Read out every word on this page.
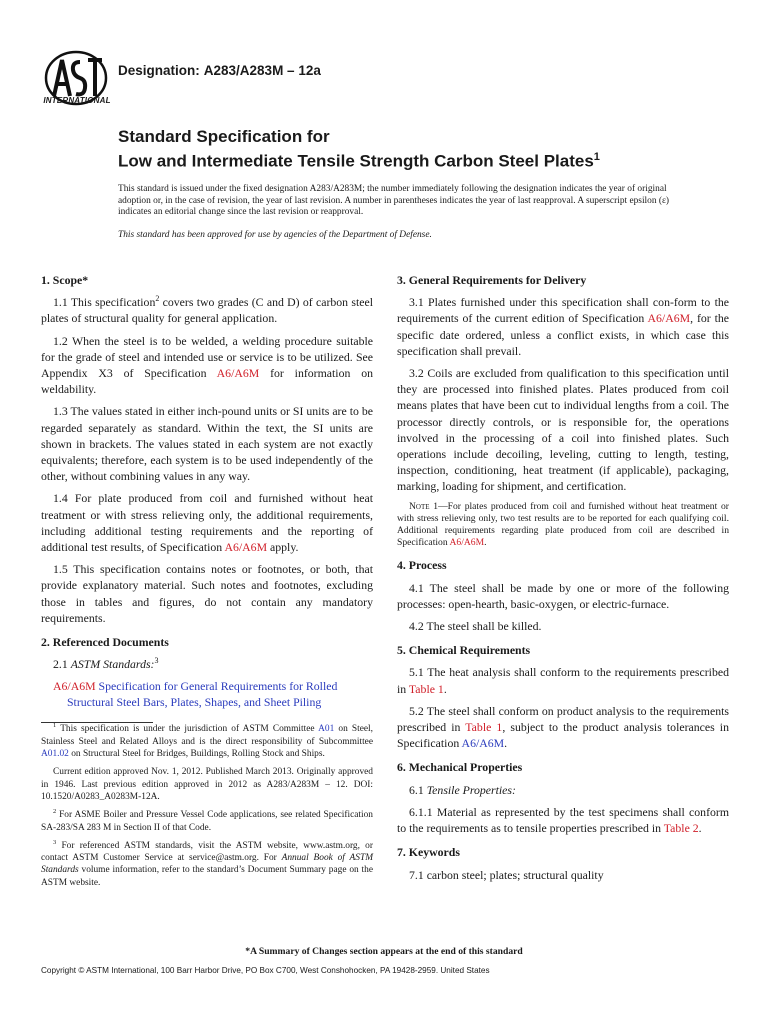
ASTM
INTERNATIONAL
Designation: A283/A283M – 12a
Standard Specification for
Low and Intermediate Tensile Strength Carbon Steel Plates$^1$
This standard is issued under the fixed designation A283/A283M; the number immediately following the designation indicates the year of original adoption or, in the case of revision, the year of last revision. A number in parentheses indicates the year of last reapproval. A superscript epsilon (ε) indicates an editorial change since the last revision or reapproval.
This standard has been approved for use by agencies of the Department of Defense.
1. Scope*

1.1 This specification$^2$ covers two grades (C and D) of carbon steel plates of structural quality for general application.

1.2 When the steel is to be welded, a welding procedure suitable for the grade of steel and intended use or service is to be utilized. See Appendix X3 of Specification A6/A6M for information on weldability.

1.3 The values stated in either inch-pound units or SI units are to be regarded separately as standard. Within the text, the SI units are shown in brackets. The values stated in each system are not exactly equivalents; therefore, each system is to be used independently of the other, without combining values in any way.

1.4 For plate produced from coil and furnished without heat treatment or with stress relieving only, the additional requirements, including additional testing requirements and the reporting of additional test results, of Specification A6/A6M apply.

1.5 This specification contains notes or footnotes, or both, that provide explanatory material. Such notes and footnotes, excluding those in tables and figures, do not contain any mandatory requirements.

2. Referenced Documents

2.1 ASTM Standards:$^3$

A6/A6M Specification for General Requirements for Rolled Structural Steel Bars, Plates, Shapes, and Sheet Piling

$^1$ This specification is under the jurisdiction of ASTM Committee A01 on Steel, Stainless Steel and Related Alloys and is the direct responsibility of Subcommittee A01.02 on Structural Steel for Bridges, Buildings, Rolling Stock and Ships.

Current edition approved Nov. 1, 2012. Published March 2013. Originally approved in 1946. Last previous edition approved in 2012 as A283/A283M – 12. DOI: 10.1520/A0283_A0283M-12A.

$^2$ For ASME Boiler and Pressure Vessel Code applications, see related Specification SA-283/SA 283 M in Section II of that Code.

$^3$ For referenced ASTM standards, visit the ASTM website, www.astm.org, or contact ASTM Customer Service at service@astm.org. For Annual Book of ASTM Standards volume information, refer to the standard’s Document Summary page on the ASTM website.

3. General Requirements for Delivery

3.1 Plates furnished under this specification shall con-form to the requirements of the current edition of Specification A6/A6M, for the specific date ordered, unless a conflict exists, in which case this specification shall prevail.

3.2 Coils are excluded from qualification to this specification until they are processed into finished plates. Plates produced from coil means plates that have been cut to individual lengths from a coil. The processor directly controls, or is responsible for, the operations involved in the processing of a coil into finished plates. Such operations include decoiling, leveling, cutting to length, testing, inspection, conditioning, heat treatment (if applicable), packaging, marking, loading for shipment, and certification.

Note 1—For plates produced from coil and furnished without heat treatment or with stress relieving only, two test results are to be reported for each qualifying coil. Additional requirements regarding plate produced from coil are described in Specification A6/A6M.
4. Process

4.1 The steel shall be made by one or more of the following processes: open-hearth, basic-oxygen, or electric-furnace.

4.2 The steel shall be killed.

5. Chemical Requirements

5.1 The heat analysis shall conform to the requirements prescribed in Table 1.

5.2 The steel shall conform on product analysis to the requirements prescribed in Table 1, subject to the product analysis tolerances in Specification A6/A6M.

6. Mechanical Properties

6.1 Tensile Properties:

6.1.1 Material as represented by the test specimens shall conform to the requirements as to tensile properties prescribed in Table 2.

7. Keywords

7.1 carbon steel; plates; structural quality

*A Summary of Changes section appears at the end of this standard
Copyright © ASTM International, 100 Barr Harbor Drive, PO Box C700, West Conshohocken, PA 19428-2959. United States
